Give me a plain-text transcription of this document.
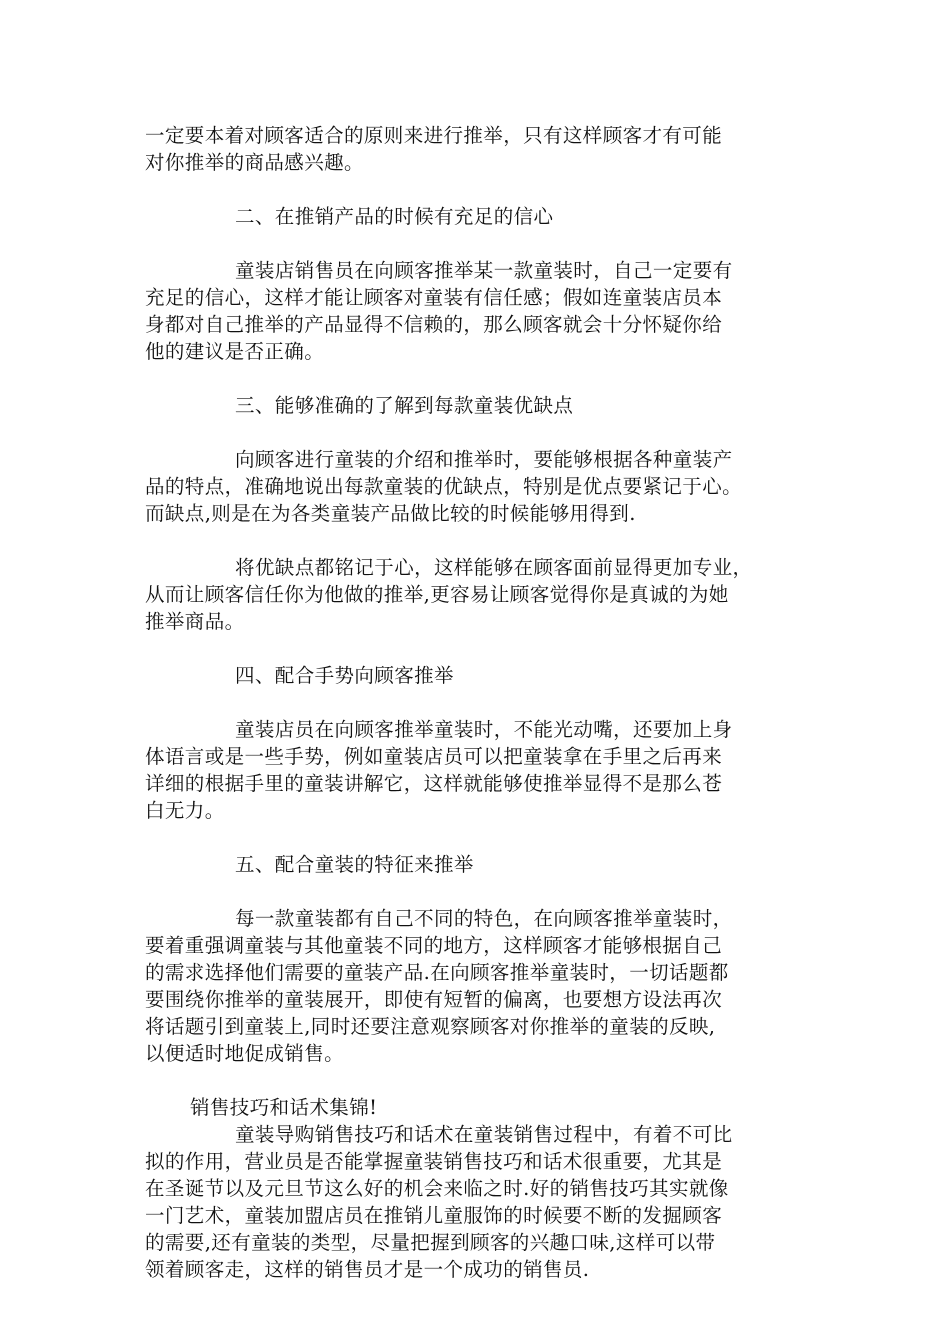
一定要本着对顾客适合的原则来进行推举，只有这样顾客才有可能
对你推举的商品感兴趣。

二、在推销产品的时候有充足的信心

童装店销售员在向顾客推举某一款童装时，自己一定要有
充足的信心，这样才能让顾客对童装有信任感；假如连童装店员本
身都对自己推举的产品显得不信赖的，那么顾客就会十分怀疑你给
他的建议是否正确。

三、能够准确的了解到每款童装优缺点

向顾客进行童装的介绍和推举时，要能够根据各种童装产
品的特点，准确地说出每款童装的优缺点，特别是优点要紧记于心。
而缺点,则是在为各类童装产品做比较的时候能够用得到.

将优缺点都铭记于心，这样能够在顾客面前显得更加专业，
从而让顾客信任你为他做的推举,更容易让顾客觉得你是真诚的为她
推举商品。

四、配合手势向顾客推举

童装店员在向顾客推举童装时，不能光动嘴，还要加上身
体语言或是一些手势，例如童装店员可以把童装拿在手里之后再来
详细的根据手里的童装讲解它，这样就能够使推举显得不是那么苍
白无力。

五、配合童装的特征来推举

每一款童装都有自己不同的特色，在向顾客推举童装时，
要着重强调童装与其他童装不同的地方，这样顾客才能够根据自己
的需求选择他们需要的童装产品.在向顾客推举童装时，一切话题都
要围绕你推举的童装展开，即使有短暂的偏离，也要想方设法再次
将话题引到童装上,同时还要注意观察顾客对你推举的童装的反映,
以便适时地促成销售。

销售技巧和话术集锦!

童装导购销售技巧和话术在童装销售过程中，有着不可比
拟的作用，营业员是否能掌握童装销售技巧和话术很重要，尤其是
在圣诞节以及元旦节这么好的机会来临之时.好的销售技巧其实就像
一门艺术，童装加盟店员在推销儿童服饰的时候要不断的发掘顾客
的需要,还有童装的类型，尽量把握到顾客的兴趣口味,这样可以带
领着顾客走，这样的销售员才是一个成功的销售员.
